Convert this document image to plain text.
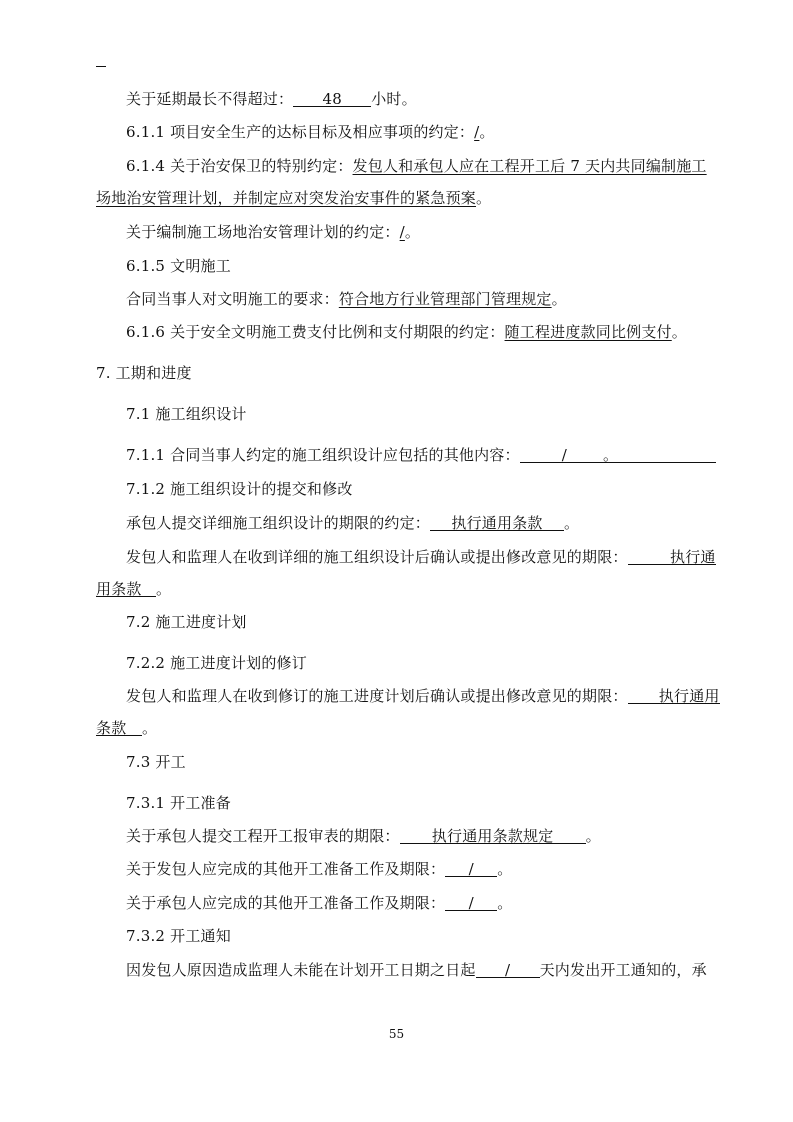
关于延期最长不得超过： 48 小时。
6.1.1 项目安全生产的达标目标及相应事项的约定：/。
6.1.4 关于治安保卫的特别约定：发包人和承包人应在工程开工后 7 天内共同编制施工
场地治安管理计划，并制定应对突发治安事件的紧急预案。
关于编制施工场地治安管理计划的约定：/。
6.1.5 文明施工
合同当事人对文明施工的要求：符合地方行业管理部门管理规定。
6.1.6 关于安全文明施工费支付比例和支付期限的约定：随工程进度款同比例支付。
7. 工期和进度
7.1 施工组织设计
7.1.1 合同当事人约定的施工组织设计应包括的其他内容：	/ 。
7.1.2 施工组织设计的提交和修改
承包人提交详细施工组织设计的期限的约定： 执行通用条款 。
发包人和监理人在收到详细的施工组织设计后确认或提出修改意见的期限：	执行通
用条款 。
7.2 施工进度计划
7.2.2 施工进度计划的修订
发包人和监理人在收到修订的施工进度计划后确认或提出修改意见的期限： 执行通用
条款 。
7.3 开工
7.3.1 开工准备
关于承包人提交工程开工报审表的期限： 执行通用条款规定 。
关于发包人应完成的其他开工准备工作及期限： / 。
关于承包人应完成的其他开工准备工作及期限： / 。
7.3.2 开工通知
因发包人原因造成监理人未能在计划开工日期之日起 / 天内发出开工通知的，承
55
